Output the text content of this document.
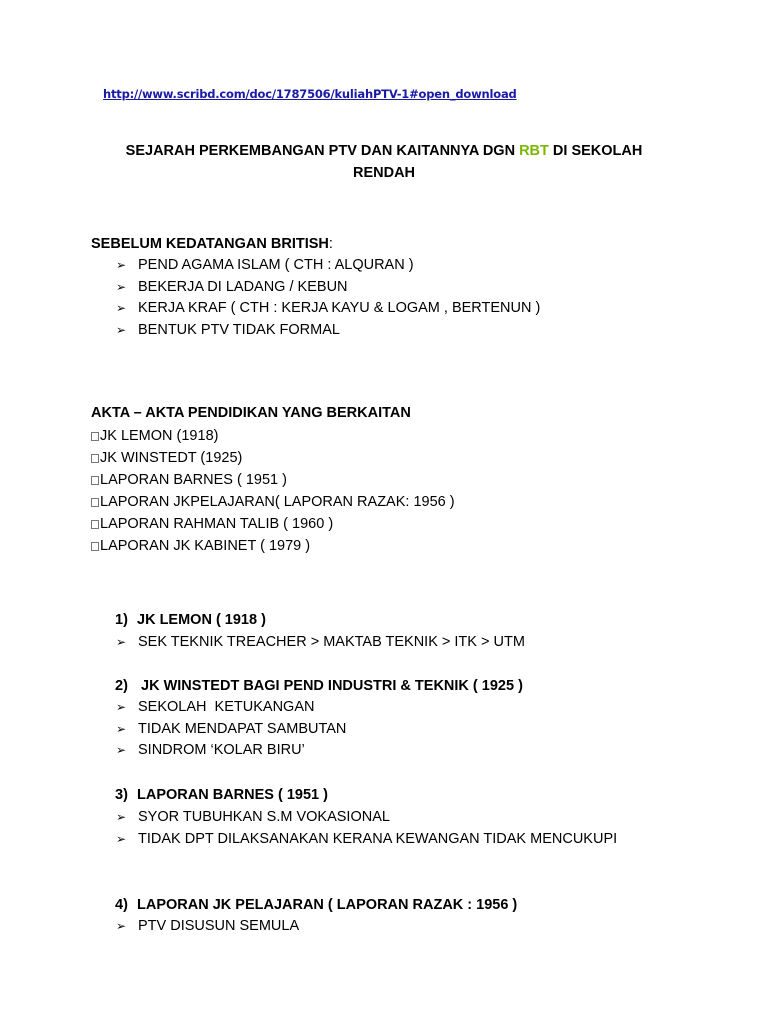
http://www.scribd.com/doc/1787506/kuliahPTV-1#open_download
SEJARAH PERKEMBANGAN PTV DAN KAITANNYA DGN RBT DI SEKOLAH
RENDAH
SEBELUM KEDATANGAN BRITISH:
➢ PEND AGAMA ISLAM ( CTH : ALQURAN )
➢ BEKERJA DI LADANG / KEBUN
➢ KERJA KRAF ( CTH : KERJA KAYU & LOGAM , BERTENUN )
➢ BENTUK PTV TIDAK FORMAL
AKTA – AKTA PENDIDIKAN YANG BERKAITAN
JK LEMON (1918)
JK WINSTEDT (1925)
LAPORAN BARNES ( 1951 )
LAPORAN JKPELAJARAN( LAPORAN RAZAK: 1956 )
LAPORAN RAHMAN TALIB ( 1960 )
LAPORAN JK KABINET ( 1979 )
1) JK LEMON ( 1918 )
➢ SEK TEKNIK TREACHER > MAKTAB TEKNIK > ITK > UTM
2) JK WINSTEDT BAGI PEND INDUSTRI & TEKNIK ( 1925 )
➢ SEKOLAH  KETUKANGAN
➢ TIDAK MENDAPAT SAMBUTAN
➢ SINDROM ‘KOLAR BIRU’
3) LAPORAN BARNES ( 1951 )
➢ SYOR TUBUHKAN S.M VOKASIONAL
➢ TIDAK DPT DILAKSANAKAN KERANA KEWANGAN TIDAK MENCUKUPI
4) LAPORAN JK PELAJARAN ( LAPORAN RAZAK : 1956 )
➢ PTV DISUSUN SEMULA
